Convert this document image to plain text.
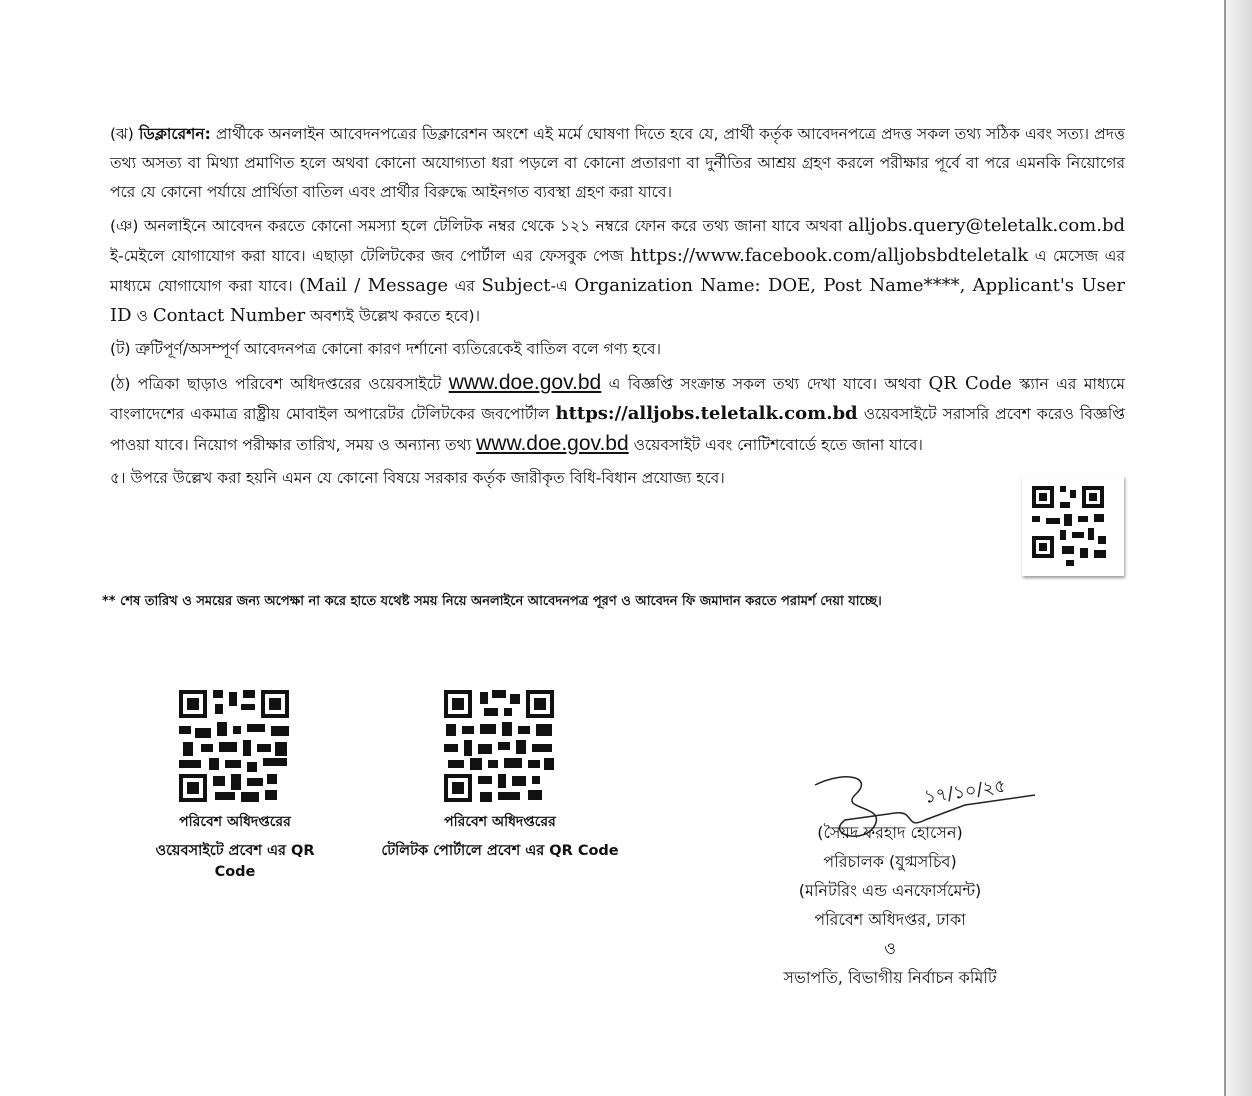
(ঝ) ডিক্লারেশন: প্রার্থীকে অনলাইন আবেদনপত্রের ডিক্লারেশন অংশে এই মর্মে ঘোষণা দিতে হবে যে, প্রার্থী কর্তৃক আবেদনপত্রে প্রদত্ত সকল তথ্য সঠিক এবং সত্য। প্রদত্ত তথ্য অসত্য বা মিথ্যা প্রমাণিত হলে অথবা কোনো অযোগ্যতা ধরা পড়লে বা কোনো প্রতারণা বা দুর্নীতির আশ্রয় গ্রহণ করলে পরীক্ষার পূর্বে বা পরে এমনকি নিয়োগের পরে যে কোনো পর্যায়ে প্রার্থিতা বাতিল এবং প্রার্থীর বিরুদ্ধে আইনগত ব্যবস্থা গ্রহণ করা যাবে।

(ঞ) অনলাইনে আবেদন করতে কোনো সমস্যা হলে টেলিটক নম্বর থেকে ১২১ নম্বরে ফোন করে তথ্য জানা যাবে অথবা alljobs.query@teletalk.com.bd ই-মেইলে যোগাযোগ করা যাবে। এছাড়া টেলিটকের জব পোর্টাল এর ফেসবুক পেজ https://www.facebook.com/alljobsbdteletalk এ মেসেজ এর মাধ্যমে যোগাযোগ করা যাবে। (Mail / Message এর Subject-এ Organization Name: DOE, Post Name****, Applicant's User ID ও Contact Number অবশ্যই উল্লেখ করতে হবে)।

(ট) ত্রুটিপূর্ণ/অসম্পূর্ণ আবেদনপত্র কোনো কারণ দর্শানো ব্যতিরেকেই বাতিল বলে গণ্য হবে।

(ঠ) পত্রিকা ছাড়াও পরিবেশ অধিদপ্তরের ওয়েবসাইটে www.doe.gov.bd এ বিজ্ঞপ্তি সংক্রান্ত সকল তথ্য দেখা যাবে। অথবা QR Code স্ক্যান এর মাধ্যমে বাংলাদেশের একমাত্র রাষ্ট্রীয় মোবাইল অপারেটর টেলিটকের জবপোর্টাল https://alljobs.teletalk.com.bd ওয়েবসাইটে সরাসরি প্রবেশ করেও বিজ্ঞপ্তি পাওয়া যাবে। নিয়োগ পরীক্ষার তারিখ, সময় ও অন্যান্য তথ্য www.doe.gov.bd ওয়েবসাইট এবং নোটিশবোর্ডে হতে জানা যাবে।

৫। উপরে উল্লেখ করা হয়নি এমন যে কোনো বিষয়ে সরকার কর্তৃক জারীকৃত বিধি-বিধান প্রযোজ্য হবে।

** শেষ তারিখ ও সময়ের জন্য অপেক্ষা না করে হাতে যথেষ্ট সময় নিয়ে অনলাইনে আবেদনপত্র পূরণ ও আবেদন ফি জমাদান করতে পরামর্শ দেয়া যাচ্ছে।
পরিবেশ অধিদপ্তরের
ওয়েবসাইটে প্রবেশ এর QR Code
পরিবেশ অধিদপ্তরের
টেলিটক পোর্টালে প্রবেশ এর QR Code
১৭/১০/২৫
(সৈয়দ ফরহাদ হোসেন)
পরিচালক (যুগ্মসচিব)
(মনিটরিং এন্ড এনফোর্সমেন্ট)
পরিবেশ অধিদপ্তর, ঢাকা
ও
সভাপতি, বিভাগীয় নির্বাচন কমিটি
